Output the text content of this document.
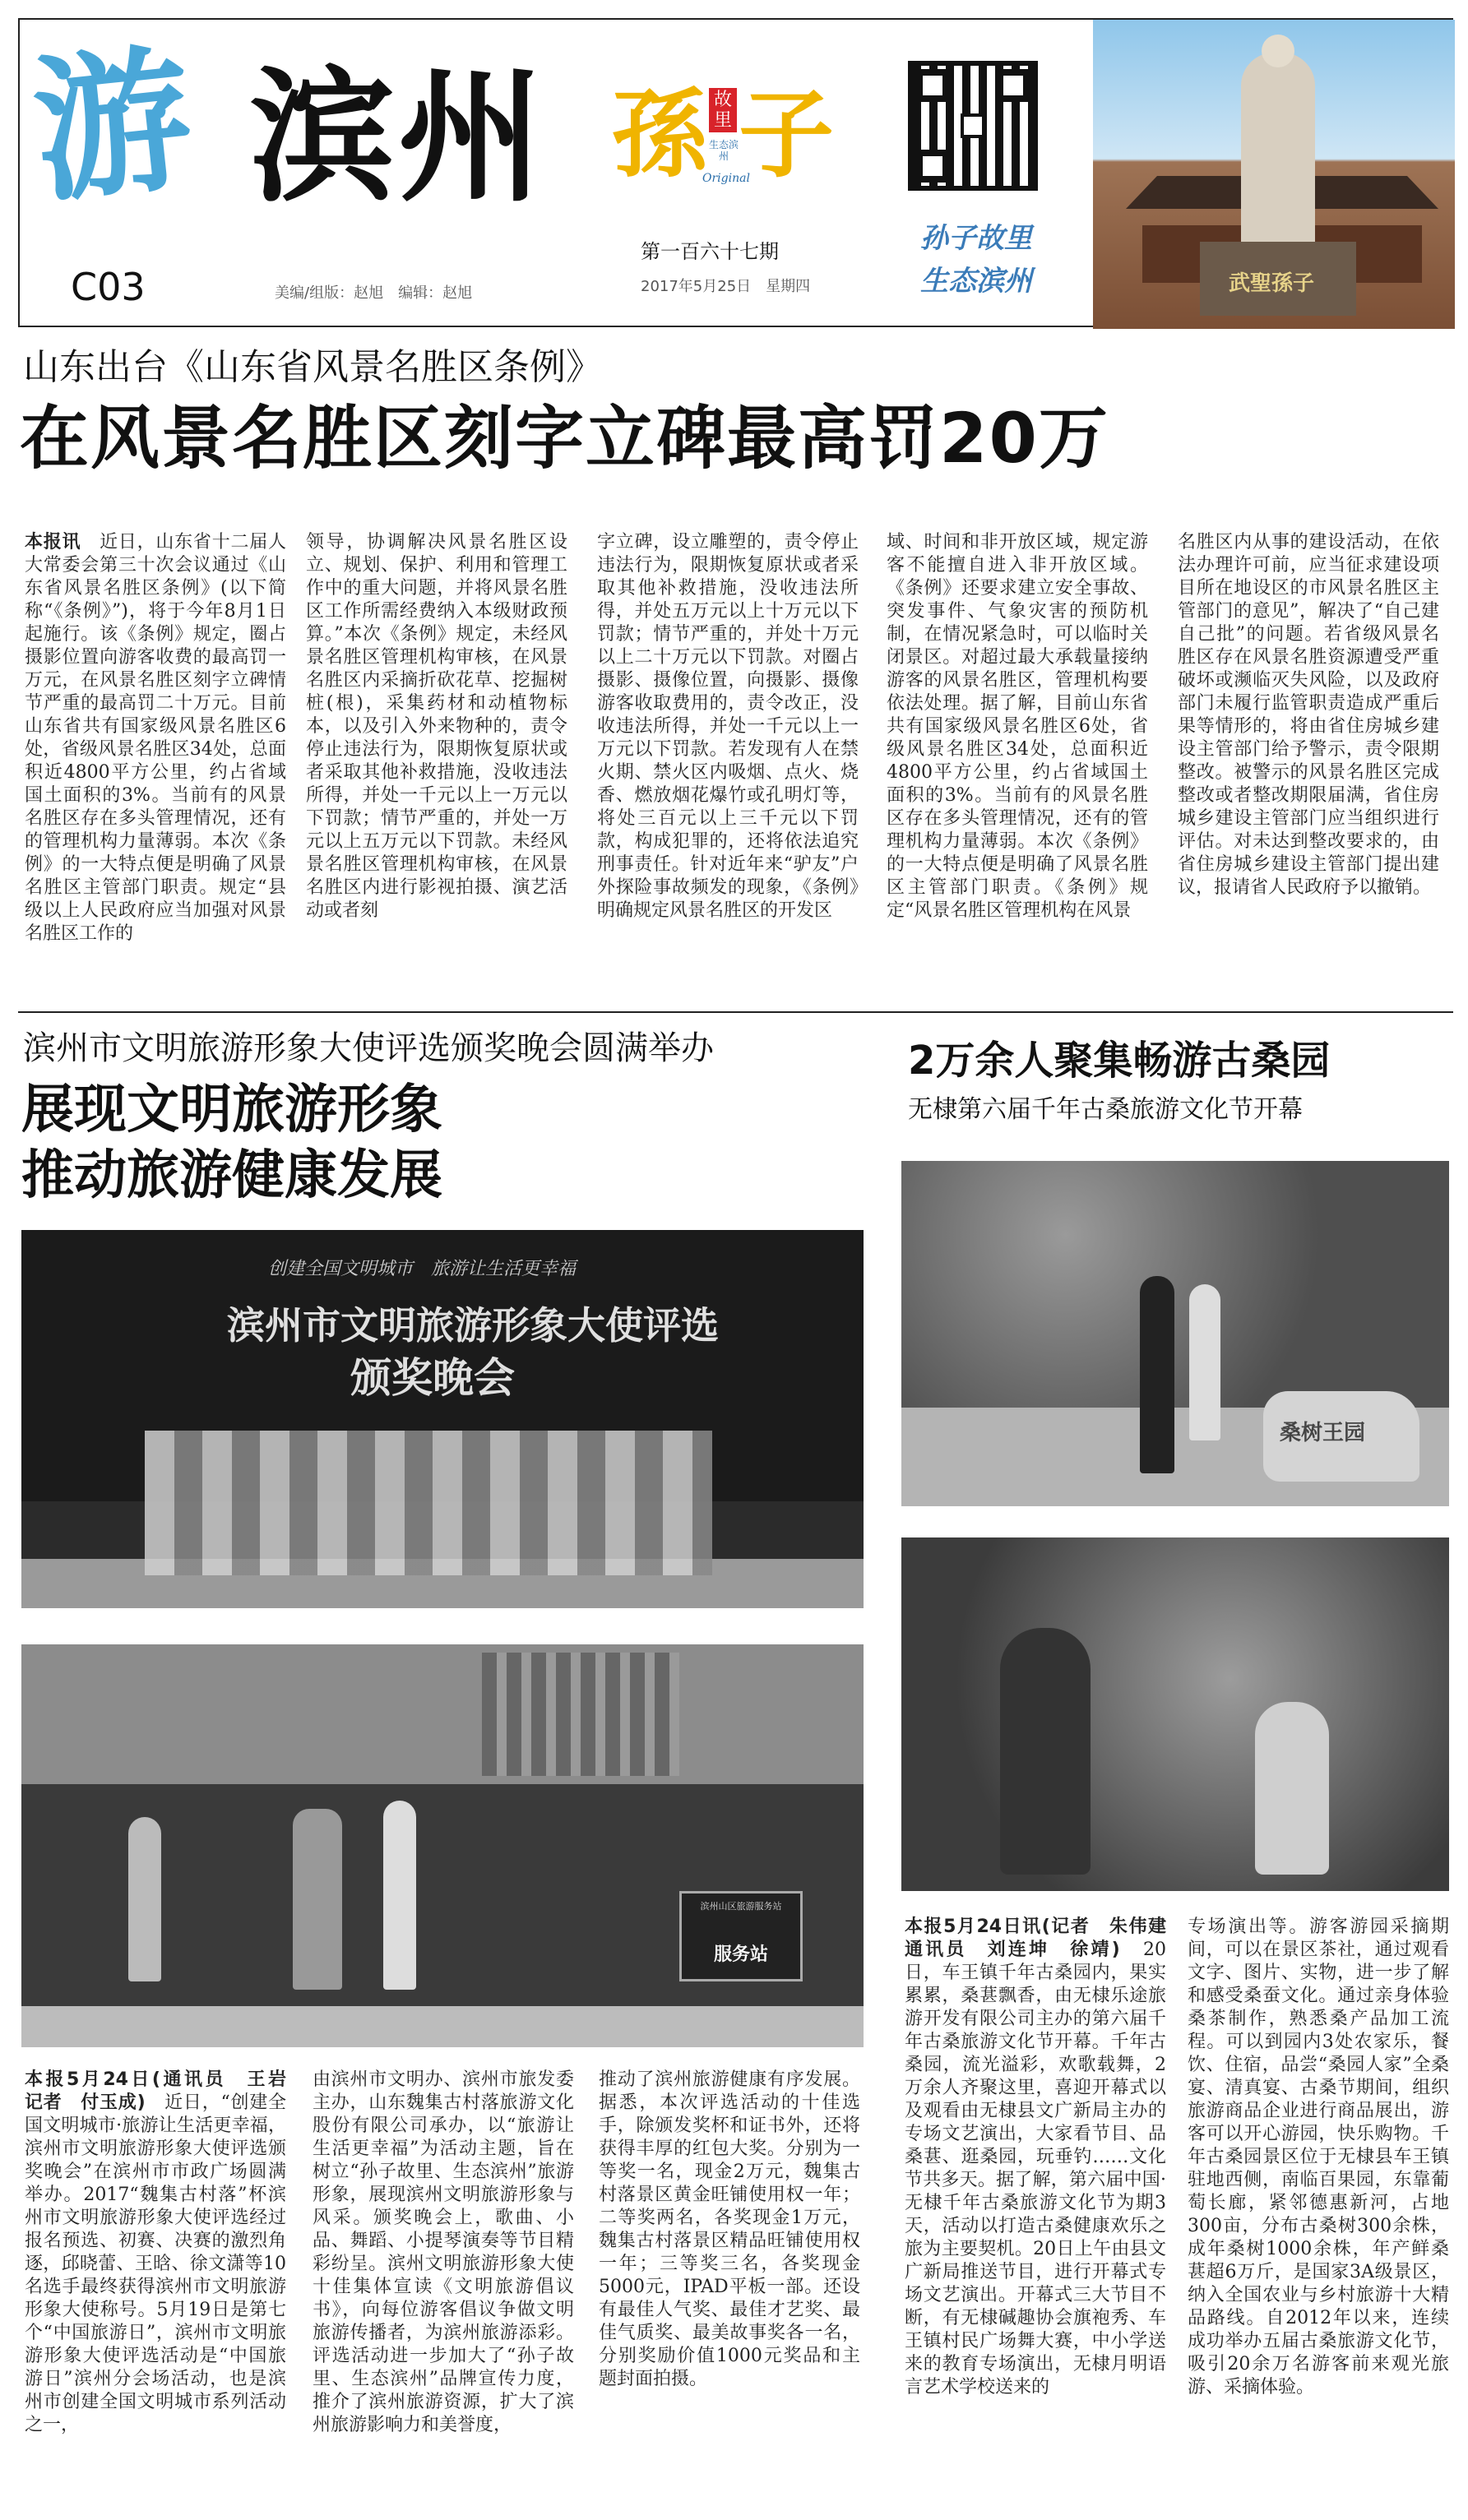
游 滨州
C03	美编/组版：赵旭　编辑：赵旭
孫 子
故里
生态滨州
Original
第一百六十七期
2017年5月25日　星期四
孙子故里
生态滨州	武聖孫子
山东出台《山东省风景名胜区条例》
在风景名胜区刻字立碑最高罚20万
本报讯　 近日，山东省十二届人大常委会第三十次会议通过《山东省风景名胜区条例》(以下简称“《条例》”)，将于今年8月1日起施行。该《条例》规定，圈占摄影位置向游客收费的最高罚一万元，在风景名胜区刻字立碑情节严重的最高罚二十万元。目前山东省共有国家级风景名胜区6处，省级风景名胜区34处，总面积近4800平方公里，约占省域国土面积的3%。当前有的风景名胜区存在多头管理情况，还有的管理机构力量薄弱。本次《条例》的一大特点便是明确了风景名胜区主管部门职责。规定“县级以上人民政府应当加强对风景名胜区工作的
领导，协调解决风景名胜区设立、规划、保护、利用和管理工作中的重大问题，并将风景名胜区工作所需经费纳入本级财政预算。”本次《条例》规定，未经风景名胜区管理机构审核，在风景名胜区内采摘折砍花草、挖掘树桩(根)，采集药材和动植物标本，以及引入外来物种的，责令停止违法行为，限期恢复原状或者采取其他补救措施，没收违法所得，并处一千元以上一万元以下罚款；情节严重的，并处一万元以上五万元以下罚款。未经风景名胜区管理机构审核，在风景名胜区内进行影视拍摄、演艺活动或者刻
字立碑，设立雕塑的，责令停止违法行为，限期恢复原状或者采取其他补救措施，没收违法所得，并处五万元以上十万元以下罚款；情节严重的，并处十万元以上二十万元以下罚款。对圈占摄影、摄像位置，向摄影、摄像游客收取费用的，责令改正，没收违法所得，并处一千元以上一万元以下罚款。若发现有人在禁火期、禁火区内吸烟、点火、烧香、燃放烟花爆竹或孔明灯等，将处三百元以上三千元以下罚款，构成犯罪的，还将依法追究刑事责任。针对近年来“驴友”户外探险事故频发的现象，《条例》明确规定风景名胜区的开发区
域、时间和非开放区域，规定游客不能擅自进入非开放区域。《条例》还要求建立安全事故、突发事件、气象灾害的预防机制，在情况紧急时，可以临时关闭景区。对超过最大承载量接纳游客的风景名胜区，管理机构要依法处理。据了解，目前山东省共有国家级风景名胜区6处，省级风景名胜区34处，总面积近4800平方公里，约占省域国土面积的3%。当前有的风景名胜区存在多头管理情况，还有的管理机构力量薄弱。本次《条例》的一大特点便是明确了风景名胜区主管部门职责。《条例》规定“风景名胜区管理机构在风景
名胜区内从事的建设活动，在依法办理许可前，应当征求建设项目所在地设区的市风景名胜区主管部门的意见”，解决了“自己建自己批”的问题。若省级风景名胜区存在风景名胜资源遭受严重破坏或濒临灭失风险，以及政府部门未履行监管职责造成严重后果等情形的，将由省住房城乡建设主管部门给予警示，责令限期整改。被警示的风景名胜区完成整改或者整改期限届满，省住房城乡建设主管部门应当组织进行评估。对未达到整改要求的，由省住房城乡建设主管部门提出建议，报请省人民政府予以撤销。
滨州市文明旅游形象大使评选颁奖晚会圆满举办
展现文明旅游形象
推动旅游健康发展
创建全国文明城市　旅游让生活更幸福
滨州市文明旅游形象大使评选
颁奖晚会
滨州山区旅游服务站
服务站
本报5月24日(通讯员　王岩　记者　付玉成)　 近日，“创建全国文明城市·旅游让生活更幸福，滨州市文明旅游形象大使评选颁奖晚会”在滨州市市政广场圆满举办。2017“魏集古村落”杯滨州市文明旅游形象大使评选经过报名预选、初赛、决赛的激烈角逐，邱晓蕾、王晗、徐文潇等10名选手最终获得滨州市文明旅游形象大使称号。5月19日是第七个“中国旅游日”，滨州市文明旅游形象大使评选活动是“中国旅游日”滨州分会场活动，也是滨州市创建全国文明城市系列活动之一，
由滨州市文明办、滨州市旅发委主办，山东魏集古村落旅游文化股份有限公司承办，以“旅游让生活更幸福”为活动主题，旨在树立“孙子故里、生态滨州”旅游形象，展现滨州文明旅游形象与风采。颁奖晚会上，歌曲、小品、舞蹈、小提琴演奏等节目精彩纷呈。滨州文明旅游形象大使十佳集体宣读《文明旅游倡议书》，向每位游客倡议争做文明旅游传播者，为滨州旅游添彩。评选活动进一步加大了“孙子故里、生态滨州”品牌宣传力度，推介了滨州旅游资源，扩大了滨州旅游影响力和美誉度，
推动了滨州旅游健康有序发展。据悉，本次评选活动的十佳选手，除颁发奖杯和证书外，还将获得丰厚的红包大奖。分别为一等奖一名，现金2万元，魏集古村落景区黄金旺铺使用权一年；二等奖两名，各奖现金1万元，魏集古村落景区精品旺铺使用权一年；三等奖三名，各奖现金5000元，IPAD平板一部。还设有最佳人气奖、最佳才艺奖、最佳气质奖、最美故事奖各一名，分别奖励价值1000元奖品和主题封面拍摄。
2万余人聚集畅游古桑园
无棣第六届千年古桑旅游文化节开幕
桑树王园
本报5月24日讯(记者　朱伟建　通讯员　刘连坤　徐靖)　 20日，车王镇千年古桑园内，果实累累，桑葚飘香，由无棣乐途旅游开发有限公司主办的第六届千年古桑旅游文化节开幕。千年古桑园，流光溢彩，欢歌载舞，2万余人齐聚这里，喜迎开幕式以及观看由无棣县文广新局主办的专场文艺演出，大家看节目、品桑葚、逛桑园，玩垂钓……文化节共多天。据了解，第六届中国·无棣千年古桑旅游文化节为期3天，活动以打造古桑健康欢乐之旅为主要契机。20日上午由县文广新局推送节目，进行开幕式专场文艺演出。开幕式三大节目不断，有无棣碱趣协会旗袍秀、车王镇村民广场舞大赛，中小学送来的教育专场演出，无棣月明语言艺术学校送来的
专场演出等。游客游园采摘期间，可以在景区茶社，通过观看文字、图片、实物，进一步了解和感受桑蚕文化。通过亲身体验桑茶制作，熟悉桑产品加工流程。可以到园内3处农家乐，餐饮、住宿，品尝“桑园人家”全桑宴、清真宴、古桑节期间，组织旅游商品企业进行商品展出，游客可以开心游园，快乐购物。千年古桑园景区位于无棣县车王镇驻地西侧，南临百果园，东靠葡萄长廊，紧邻德惠新河，占地300亩，分布古桑树300余株，成年桑树1000余株，年产鲜桑葚超6万斤，是国家3A级景区，纳入全国农业与乡村旅游十大精品路线。自2012年以来，连续成功举办五届古桑旅游文化节，吸引20余万名游客前来观光旅游、采摘体验。
